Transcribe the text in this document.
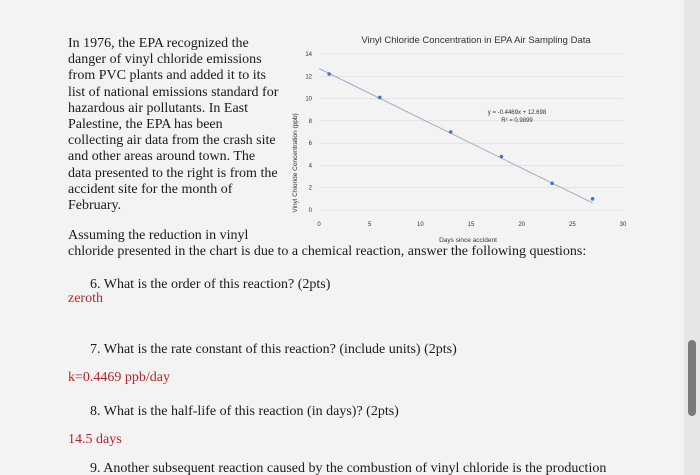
In 1976, the EPA recognized the
danger of vinyl chloride emissions
from PVC plants and added it to its
list of national emissions standard for
hazardous air pollutants. In East
Palestine, the EPA has been
collecting air data from the crash site
and other areas around town. The
data presented to the right is from the
accident site for the month of
February.
Vinyl Chloride Concentration in EPA Air Sampling Data
0
2
4
6
8
10
12
14
0	5	10	15	20	25	30
y = -0.4469x + 12.698
R² = 0.9899
Days since accident
Vinyl Chloride Concentration (ppb)
Assuming the reduction in vinyl
chloride presented in the chart is due to a chemical reaction, answer the following questions:
6. What is the order of this reaction? (2pts)
zeroth
7. What is the rate constant of this reaction? (include units) (2pts)
k=0.4469 ppb/day
8. What is the half-life of this reaction (in days)? (2pts)
14.5 days
9. Another subsequent reaction caused by the combustion of vinyl chloride is the production
